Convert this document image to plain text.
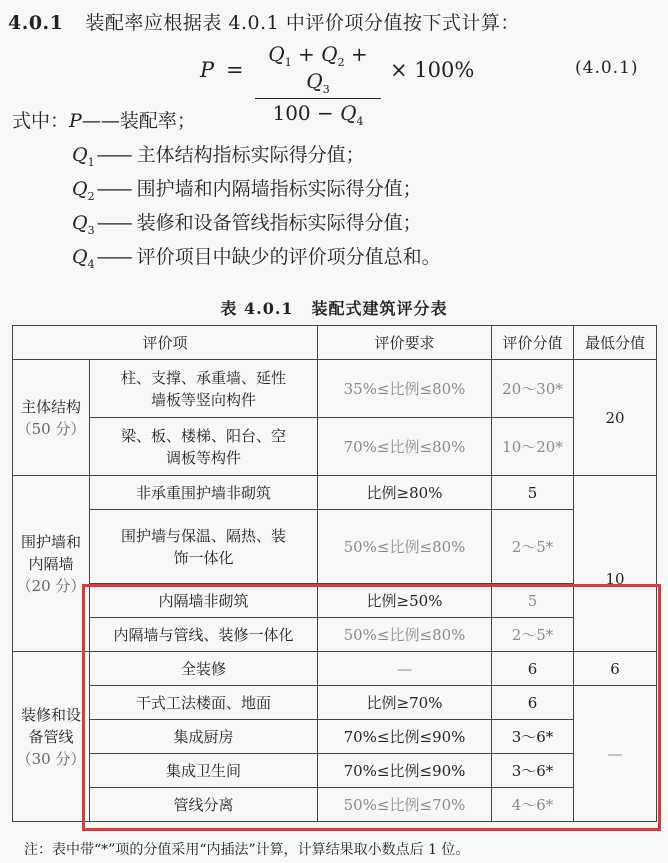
4.0.1 装配率应根据表 4.0.1 中评价项分值按下式计算：
$P = \frac{Q_1 + Q_2 + Q_3}{100 - Q_4} \times 100\%$	(4.0.1)
式中：P——装配率；
$Q_1$ —— 主体结构指标实际得分值；
$Q_2$ —— 围护墙和内隔墙指标实际得分值；
$Q_3$ —— 装修和设备管线指标实际得分值；
$Q_4$ —— 评价项目中缺少的评价项分值总和。
表 4.0.1 装配式建筑评分表
评价项		评价要求	评价分值	最低分值
主体结构
（50 分）	柱、支撑、承重墙、延性墙板等竖向构件	35%≤比例≤80%	20～30*	20
	梁、板、楼梯、阳台、空调板等构件	70%≤比例≤80%	10～20*	
围护墙和内隔墙
（20 分）	非承重围护墙非砌筑	比例≥80%	5	10
	围护墙与保温、隔热、装饰一体化	50%≤比例≤80%	2～5*	
	内隔墙非砌筑	比例≥50%	5	
	内隔墙与管线、装修一体化	50%≤比例≤80%	2～5*	
装修和设备管线
（30 分）	全装修	—	6	6
	干式工法楼面、地面	比例≥70%	6	—
	集成厨房	70%≤比例≤90%	3～6*	
	集成卫生间	70%≤比例≤90%	3～6*	
	管线分离	50%≤比例≤70%	4～6*	
注：表中带“*”项的分值采用“内插法”计算，计算结果取小数点后 1 位。
